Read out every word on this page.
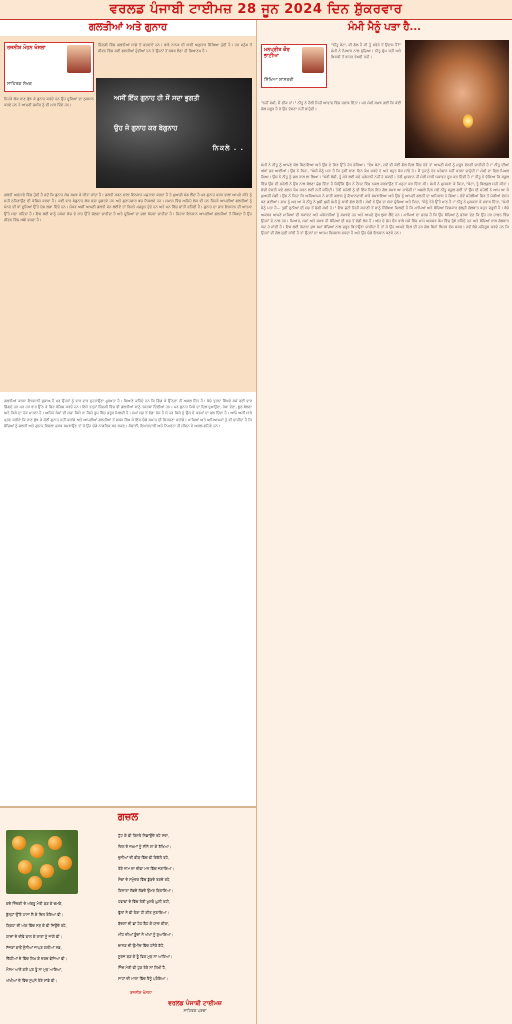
ਵਰਲਡ ਪੰਜਾਬੀ ਟਾਈਮਜ਼ 28 ਜੂਨ 2024 ਦਿਨ ਸ਼ੁੱਕਰਵਾਰ
ਗਲਤੀਆਂ ਅਤੇ ਗੁਨਾਹ
ਰਜਨੀਸ਼ ਮੋਹਨ ਖੋਸਲਾ
ਸਾਹਿਤਕ ਲੇਖਕ
ਜ਼ਿੰਦਗੀ ਵਿੱਚ ਗਲਤੀਆਂ ਸਾਡੇ ਤੋਂ ਕਰਵਾਏ ਹਨ। ਬਾਬੇ ਨਾਨਕ ਦੀ ਬਾਣੀ ਅਨੁਸਾਰ ਸਿੱਖਿਆ ਹੁੰਦੀ ਹੈ। ਹਰ ਮਨੁੱਖ ਤੋਂ ਜੀਵਨ ਵਿੱਚ ਕਈ ਗਲਤੀਆਂ ਹੁੰਦੀਆਂ ਹਨ ਤੇ ਉਹਨਾਂ ਤੋਂ ਸਬਕ ਲੈਣਾ ਹੀ ਸਿਆਣਪ ਹੈ।
ਜਿਹੜੇ ਲੋਕ ਜਾਣ ਬੁੱਝ ਕੇ ਗੁਨਾਹ ਕਰਦੇ ਹਨ ਉਹ ਦੂਜਿਆਂ ਦਾ ਨੁਕਸਾਨ ਕਰਦੇ ਹਨ ਤੇ ਆਪਣੀ ਜ਼ਮੀਰ ਨੂੰ ਵੀ ਮਾਰ ਦਿੰਦੇ ਹਨ।
ਅਸੀਂ ਇੱਕ ਗੁਨਾਹ ਹੀ ਸੋਂ ਸਦਾ ਭੁਗਤੀ
ਉਹ ਜੋ ਗੁਨਾਹ ਕਰ ਬੇਗੁਨਾਹ
ਨਿਕਲੇ . .
ਗਲਤੀ ਅਣਜਾਣੇ ਵਿੱਚ ਹੁੰਦੀ ਹੈ ਜਦੋਂ ਕਿ ਗੁਨਾਹ ਸੋਚ ਸਮਝ ਕੇ ਕੀਤਾ ਜਾਂਦਾ ਹੈ। ਗਲਤੀ ਕਰਨ ਵਾਲਾ ਇਨਸਾਨ ਪਛਤਾਵਾ ਕਰਦਾ ਹੈ ਤੇ ਮੁਆਫ਼ੀ ਮੰਗ ਲੈਂਦਾ ਹੈ ਪਰ ਗੁਨਾਹ ਕਰਨ ਵਾਲਾ ਆਪਣੇ ਕੀਤੇ ਨੂੰ ਸਹੀ ਠਹਿਰਾਉਣ ਦੀ ਕੋਸ਼ਿਸ਼ ਕਰਦਾ ਹੈ। ਕਈ ਵਾਰ ਬੇਗੁਨਾਹ ਲੋਕ ਸਜ਼ਾ ਭੁਗਤਦੇ ਹਨ ਅਤੇ ਗੁਨਾਹਗਾਰ ਬਚ ਨਿਕਲਦੇ ਹਨ। ਸਮਾਜ ਵਿੱਚ ਅਜਿਹੇ ਲੋਕ ਵੀ ਹਨ ਜਿਹੜੇ ਆਪਣੀਆਂ ਗਲਤੀਆਂ ਨੂੰ ਮੰਨਣ ਦੀ ਥਾਂ ਦੂਜਿਆਂ ਉੱਤੇ ਦੋਸ਼ ਲਗਾ ਦਿੰਦੇ ਹਨ। ਜੇਕਰ ਅਸੀਂ ਆਪਣੀ ਗਲਤੀ ਮੰਨ ਲਈਏ ਤਾਂ ਰਿਸ਼ਤੇ ਮਜ਼ਬੂਤ ਹੁੰਦੇ ਹਨ ਅਤੇ ਮਨ ਵਿੱਚ ਸ਼ਾਂਤੀ ਰਹਿੰਦੀ ਹੈ। ਗੁਨਾਹ ਦਾ ਭਾਰ ਇਨਸਾਨ ਦੀ ਆਤਮਾ ਉੱਤੇ ਸਦਾ ਰਹਿੰਦਾ ਹੈ। ਇਸ ਲਈ ਸਾਨੂੰ ਹਮੇਸ਼ਾ ਸੱਚ ਦੇ ਰਾਹ ਉੱਤੇ ਚੱਲਣਾ ਚਾਹੀਦਾ ਹੈ ਅਤੇ ਦੂਜਿਆਂ ਦਾ ਭਲਾ ਸੋਚਣਾ ਚਾਹੀਦਾ ਹੈ। ਜਿਹੜਾ ਇਨਸਾਨ ਆਪਣੀਆਂ ਗਲਤੀਆਂ ਤੋਂ ਸਿੱਖਦਾ ਹੈ ਉਹ ਜੀਵਨ ਵਿੱਚ ਅੱਗੇ ਵਧਦਾ ਹੈ।
ਗਲਤੀਆਂ ਕਰਨਾ ਇਨਸਾਨੀ ਸੁਭਾਅ ਹੈ ਪਰ ਉਹਨਾਂ ਨੂੰ ਵਾਰ ਵਾਰ ਦੁਹਰਾਉਣਾ ਮੂਰਖਤਾ ਹੈ। ਸਿਆਣੇ ਕਹਿੰਦੇ ਹਨ ਕਿ ਡਿੱਗ ਕੇ ਉੱਠਣਾ ਹੀ ਅਸਲ ਜਿੱਤ ਹੈ। ਬੱਚੇ ਤੁਰਨਾ ਸਿੱਖਦੇ ਸਮੇਂ ਕਈ ਵਾਰ ਡਿੱਗਦੇ ਹਨ ਪਰ ਹਰ ਵਾਰ ਉੱਠ ਕੇ ਫਿਰ ਕੋਸ਼ਿਸ਼ ਕਰਦੇ ਹਨ। ਇਸੇ ਤਰ੍ਹਾਂ ਜ਼ਿੰਦਗੀ ਵਿੱਚ ਵੀ ਗਲਤੀਆਂ ਸਾਨੂੰ ਤਜਰਬਾ ਦਿੰਦੀਆਂ ਹਨ। ਪਰ ਗੁਨਾਹ ਕਿਸੇ ਦਾ ਦਿਲ ਦੁਖਾਉਣਾ, ਧੋਖਾ ਦੇਣਾ, ਝੂਠ ਬੋਲਣਾ ਅਤੇ ਕਿਸੇ ਦਾ ਹੱਕ ਮਾਰਨਾ ਹੈ। ਅਜਿਹੇ ਕੰਮਾਂ ਦੀ ਸਜ਼ਾ ਕਿਸੇ ਨਾ ਕਿਸੇ ਰੂਪ ਵਿੱਚ ਜ਼ਰੂਰ ਮਿਲਦੀ ਹੈ। ਸਮਾਂ ਸਭ ਤੋਂ ਵੱਡਾ ਜੱਜ ਹੈ ਜੋ ਹਰ ਕਿਸੇ ਨੂੰ ਉਸ ਦੇ ਕਰਮਾਂ ਦਾ ਫਲ ਦਿੰਦਾ ਹੈ। ਆਓ ਅਸੀਂ ਸਾਰੇ ਪ੍ਰਣ ਕਰੀਏ ਕਿ ਜਾਣ ਬੁੱਝ ਕੇ ਕੋਈ ਗੁਨਾਹ ਨਹੀਂ ਕਰਾਂਗੇ ਅਤੇ ਆਪਣੀਆਂ ਗਲਤੀਆਂ ਤੋਂ ਸਬਕ ਸਿੱਖ ਕੇ ਇੱਕ ਚੰਗੇ ਸਮਾਜ ਦੀ ਸਿਰਜਣਾ ਕਰਾਂਗੇ। ਮਾਪਿਆਂ ਅਤੇ ਅਧਿਆਪਕਾਂ ਨੂੰ ਵੀ ਚਾਹੀਦਾ ਹੈ ਕਿ ਬੱਚਿਆਂ ਨੂੰ ਗਲਤੀ ਅਤੇ ਗੁਨਾਹ ਵਿਚਲਾ ਫ਼ਰਕ ਸਮਝਾਉਣ ਤਾਂ ਜੋ ਉਹ ਚੰਗੇ ਨਾਗਰਿਕ ਬਣ ਸਕਣ। ਸੱਚਾਈ, ਇਮਾਨਦਾਰੀ ਅਤੇ ਨਿਮਰਤਾ ਹੀ ਜੀਵਨ ਦੇ ਅਸਲ ਗਹਿਣੇ ਹਨ।
ਗਜ਼ਲ
ਕਦੇ ਜ਼ਿੰਦਗੀ ਦੇ ਅੱਥਰੂ ਮੋਤੀ ਬਣ ਕੇ ਚਮਕੇ,
ਬੁੱਲ੍ਹਾਂ ਉੱਤੇ ਹਾਸਾ ਲੈ ਕੇ ਦਿਲ ਰੋਇਆ ਵੀ।
ਬਿਰਹਾ ਦੀ ਅੱਗ ਵਿੱਚ ਸੜ ਕੇ ਵੀ ਜਿਉਂਦੇ ਰਹੇ,
ਯਾਦਾਂ ਦੇ ਦੀਵੇ ਬਾਲ ਕੇ ਰਾਤਾਂ ਨੂੰ ਜਾਗੇ ਵੀ।
ਸੱਜਣਾਂ ਬਾਝੋਂ ਸੁੰਨੀਆਂ ਜਾਪਣ ਗਲੀਆਂ ਸਭ,
ਚਿੱਠੀਆਂ ਦੇ ਵਿੱਚ ਲਿਖ ਕੇ ਦਰਦ ਭੇਜਿਆ ਵੀ।
ਮੌਸਮ ਆਏ ਗਏ ਪਰ ਤੂੰ ਨਾ ਮੁੜ ਆਇਆ,
ਅੱਖੀਆਂ ਦੇ ਵਿੱਚ ਸੁਪਨੇ ਤੇਰੇ ਸਾਂਭੇ ਵੀ।
ਟੁੱਟ ਕੇ ਵੀ ਰਿਸ਼ਤੇ ਨਿਭਾਉਂਦੇ ਰਹੇ ਸਦਾ,
ਦਿਲ ਦੇ ਜ਼ਖ਼ਮਾਂ ਨੂੰ ਸੀਨੇ ਲਾ ਕੇ ਰੱਖਿਆ।
ਦੁਨੀਆਂ ਦੀ ਭੀੜ ਵਿੱਚ ਵੀ ਇਕੱਲੇ ਰਹੇ,
ਤੇਰੇ ਨਾਮ ਦਾ ਦੀਵਾ ਮਨ ਵਿੱਚ ਜਗਾਇਆ।
ਸੋਚਾਂ ਦੇ ਸਮੁੰਦਰ ਵਿੱਚ ਡੁੱਬਦੇ ਤਰਦੇ ਰਹੇ,
ਕਿਨਾਰਾ ਲੱਭਦੇ ਲੱਭਦੇ ਉਮਰ ਬਿਤਾਇਆ।
ਹਵਾਵਾਂ ਦੇ ਵਿੱਚ ਤੇਰੀ ਖ਼ੁਸ਼ਬੋ ਘੁਲੀ ਰਹੀ,
ਫੁੱਲਾਂ ਨੇ ਵੀ ਤੇਰਾ ਹੀ ਗੀਤ ਸੁਣਾਇਆ।
ਬੱਦਲਾਂ ਦੀ ਛਾਂ ਹੇਠ ਬੈਠ ਕੇ ਯਾਦ ਕੀਤਾ,
ਮੀਂਹ ਦੀਆਂ ਬੂੰਦਾਂ ਨੇ ਅੱਖਾਂ ਨੂੰ ਰੁਆਇਆ।
ਚਾਨਣ ਦੀ ਉਮੀਦ ਵਿੱਚ ਹਨੇਰੇ ਕੱਟੇ,
ਸੂਰਜ ਬਣ ਕੇ ਤੂੰ ਫਿਰ ਮੁੜ ਨਾ ਆਇਆ।
ਜਿੰਦ ਮੇਰੀ ਵੀ ਹੁਣ ਤੇਰੇ ਨਾਂ ਲਿਖੀ ਹੈ,
ਸਾਹਾਂ ਦੀ ਮਾਲਾ ਵਿੱਚ ਤੈਨੂੰ ਪਰੋਇਆ।
ਰਜਨੀਸ਼ ਖੋਸਲਾ
ਵਰਲਡ ਪੰਜਾਬੀ ਟਾਈਮਜ਼
ਸਾਹਿਤਕ ਪਰਚਾ
ਮੰਮੀ ਮੈਨੂੰ ਪਤਾ ਹੈ...
ਮਨਪ੍ਰੀਤ ਕੌਰ ਭਾਟੀਆ
ਸਿੱਖਿਆ ਸ਼ਾਸਤਰੀ
"ਨੀਤੂ ਬੇਟਾ, ਕੀ ਗੱਲ ਹੈ ਕੀ ਤੂੰ ਸਵੇਰੇ ਤੋਂ ਉਦਾਸ ਹੈਂ?" ਮੰਮੀ ਨੇ ਪਿਆਰ ਨਾਲ ਪੁੱਛਿਆ। ਨੀਤੂ ਚੁੱਪ ਰਹੀ ਅਤੇ ਖਿੜਕੀ ਤੋਂ ਬਾਹਰ ਵੇਖਦੀ ਰਹੀ।
"ਨਹੀਂ ਮੰਮੀ, ਮੈਂ ਠੀਕ ਹਾਂ।" ਨੀਤੂ ਨੇ ਹੌਲੀ ਜਿਹੀ ਆਵਾਜ਼ ਵਿੱਚ ਜਵਾਬ ਦਿੱਤਾ। ਪਰ ਮੰਮੀ ਸਮਝ ਗਈ ਕਿ ਕੋਈ ਗੱਲ ਜ਼ਰੂਰ ਹੈ ਜੋ ਉਹ ਦੱਸਣਾ ਨਹੀਂ ਚਾਹੁੰਦੀ।
ਮੰਮੀ ਨੇ ਨੀਤੂ ਨੂੰ ਆਪਣੇ ਕੋਲ ਬਿਠਾਇਆ ਅਤੇ ਉਸ ਦੇ ਸਿਰ ਉੱਤੇ ਹੱਥ ਫੇਰਿਆ। "ਦੇਖ ਬੇਟਾ, ਜਦੋਂ ਵੀ ਕੋਈ ਗੱਲ ਦਿਲ ਵਿੱਚ ਹੋਵੇ ਤਾਂ ਆਪਣੀ ਮੰਮੀ ਨੂੰ ਜ਼ਰੂਰ ਦੱਸਣੀ ਚਾਹੀਦੀ ਹੈ।" ਨੀਤੂ ਦੀਆਂ ਅੱਖਾਂ ਭਰ ਆਈਆਂ। ਉਸ ਨੇ ਕਿਹਾ, "ਮੰਮੀ ਮੈਨੂੰ ਪਤਾ ਹੈ ਕਿ ਤੁਸੀਂ ਸਾਰਾ ਦਿਨ ਕੰਮ ਕਰਦੇ ਹੋ ਅਤੇ ਬਹੁਤ ਥੱਕ ਜਾਂਦੇ ਹੋ। ਮੈਂ ਤੁਹਾਨੂੰ ਹੋਰ ਪਰੇਸ਼ਾਨ ਨਹੀਂ ਕਰਨਾ ਚਾਹੁੰਦੀ।" ਮੰਮੀ ਦਾ ਦਿਲ ਪਿਘਲ ਗਿਆ। ਉਸ ਨੇ ਨੀਤੂ ਨੂੰ ਗਲ ਨਾਲ ਲਾ ਲਿਆ। "ਮੇਰੀ ਬੱਚੀ, ਤੂੰ ਮੇਰੇ ਲਈ ਕਦੇ ਪਰੇਸ਼ਾਨੀ ਨਹੀਂ ਹੋ ਸਕਦੀ। ਤੇਰੀ ਮੁਸਕਾਨ ਹੀ ਮੇਰੀ ਸਾਰੀ ਥਕਾਵਟ ਦੂਰ ਕਰ ਦਿੰਦੀ ਹੈ।" ਨੀਤੂ ਨੇ ਦੱਸਿਆ ਕਿ ਸਕੂਲ ਵਿੱਚ ਉਸ ਦੀ ਸਹੇਲੀ ਨੇ ਉਸ ਨਾਲ ਬੋਲਣਾ ਛੱਡ ਦਿੱਤਾ ਹੈ ਕਿਉਂਕਿ ਉਸ ਨੇ ਟੈਸਟ ਵਿੱਚ ਨਕਲ ਕਰਵਾਉਣ ਤੋਂ ਮਨ੍ਹਾ ਕਰ ਦਿੱਤਾ ਸੀ। ਮੰਮੀ ਨੇ ਮੁਸਕਰਾ ਕੇ ਕਿਹਾ, "ਬੇਟਾ, ਤੂੰ ਬਿਲਕੁਲ ਸਹੀ ਕੀਤਾ। ਸੱਚੀ ਦੋਸਤੀ ਕਦੇ ਗਲਤ ਕੰਮ ਕਰਨ ਲਈ ਨਹੀਂ ਕਹਿੰਦੀ। ਤੇਰੀ ਸਹੇਲੀ ਨੂੰ ਵੀ ਇੱਕ ਦਿਨ ਇਹ ਗੱਲ ਸਮਝ ਆ ਜਾਵੇਗੀ।" ਅਗਲੇ ਦਿਨ ਜਦੋਂ ਨੀਤੂ ਸਕੂਲ ਗਈ ਤਾਂ ਉਸ ਦੀ ਸਹੇਲੀ ਨੇ ਆਪ ਆ ਕੇ ਮੁਆਫ਼ੀ ਮੰਗੀ। ਉਸ ਨੇ ਕਿਹਾ ਕਿ ਅਧਿਆਪਕ ਨੇ ਸਾਰੀ ਕਲਾਸ ਨੂੰ ਇਮਾਨਦਾਰੀ ਬਾਰੇ ਸਮਝਾਇਆ ਅਤੇ ਉਸ ਨੂੰ ਆਪਣੀ ਗਲਤੀ ਦਾ ਅਹਿਸਾਸ ਹੋ ਗਿਆ। ਦੋਵੇਂ ਸਹੇਲੀਆਂ ਫਿਰ ਤੋਂ ਪੱਕੀਆਂ ਦੋਸਤ ਬਣ ਗਈਆਂ। ਸ਼ਾਮ ਨੂੰ ਘਰ ਆ ਕੇ ਨੀਤੂ ਨੇ ਖ਼ੁਸ਼ੀ ਖ਼ੁਸ਼ੀ ਮੰਮੀ ਨੂੰ ਸਾਰੀ ਗੱਲ ਦੱਸੀ। ਮੰਮੀ ਨੇ ਉਸ ਦਾ ਮੱਥਾ ਚੁੰਮਿਆ ਅਤੇ ਕਿਹਾ, "ਮੈਨੂੰ ਤੇਰੇ ਉੱਤੇ ਮਾਣ ਹੈ।" ਨੀਤੂ ਨੇ ਮੁਸਕਰਾ ਕੇ ਜਵਾਬ ਦਿੱਤਾ, "ਮੰਮੀ ਮੈਨੂੰ ਪਤਾ ਹੈ... ਤੁਸੀਂ ਦੁਨੀਆਂ ਦੀ ਸਭ ਤੋਂ ਚੰਗੀ ਮੰਮੀ ਹੋ।" ਇਸ ਛੋਟੀ ਜਿਹੀ ਕਹਾਣੀ ਤੋਂ ਸਾਨੂੰ ਸਿੱਖਿਆ ਮਿਲਦੀ ਹੈ ਕਿ ਮਾਪਿਆਂ ਅਤੇ ਬੱਚਿਆਂ ਵਿਚਕਾਰ ਖੁੱਲ੍ਹੀ ਗੱਲਬਾਤ ਬਹੁਤ ਜ਼ਰੂਰੀ ਹੈ। ਬੱਚੇ ਅਕਸਰ ਆਪਣੇ ਮਾਪਿਆਂ ਦੀ ਥਕਾਵਟ ਅਤੇ ਪਰੇਸ਼ਾਨੀਆਂ ਨੂੰ ਸਮਝਦੇ ਹਨ ਅਤੇ ਆਪਣੇ ਦੁੱਖ ਲੁਕਾ ਲੈਂਦੇ ਹਨ। ਮਾਪਿਆਂ ਦਾ ਫ਼ਰਜ਼ ਹੈ ਕਿ ਉਹ ਬੱਚਿਆਂ ਨੂੰ ਭਰੋਸਾ ਦੇਣ ਕਿ ਉਹ ਹਰ ਹਾਲਤ ਵਿੱਚ ਉਹਨਾਂ ਦੇ ਨਾਲ ਹਨ। ਪਿਆਰ, ਸਮਾਂ ਅਤੇ ਸਮਝ ਹੀ ਬੱਚਿਆਂ ਦੀ ਸਭ ਤੋਂ ਵੱਡੀ ਲੋੜ ਹੈ। ਅੱਜ ਦੇ ਭੱਜ ਦੌੜ ਵਾਲੇ ਸਮੇਂ ਵਿੱਚ ਮਾਪੇ ਅਕਸਰ ਕੰਮ ਵਿੱਚ ਰੁੱਝੇ ਰਹਿੰਦੇ ਹਨ ਅਤੇ ਬੱਚਿਆਂ ਨਾਲ ਗੱਲਬਾਤ ਘੱਟ ਹੋ ਜਾਂਦੀ ਹੈ। ਇਸ ਲਈ ਰੋਜ਼ਾਨਾ ਕੁਝ ਸਮਾਂ ਬੱਚਿਆਂ ਨਾਲ ਜ਼ਰੂਰ ਬਿਤਾਉਣਾ ਚਾਹੀਦਾ ਹੈ ਤਾਂ ਜੋ ਉਹ ਆਪਣੇ ਦਿਲ ਦੀ ਹਰ ਗੱਲ ਬਿਨਾਂ ਝਿਜਕ ਦੱਸ ਸਕਣ। ਜਦੋਂ ਬੱਚੇ ਮਹਿਸੂਸ ਕਰਦੇ ਹਨ ਕਿ ਉਹਨਾਂ ਦੀ ਗੱਲ ਸੁਣੀ ਜਾਂਦੀ ਹੈ ਤਾਂ ਉਹਨਾਂ ਦਾ ਆਤਮ ਵਿਸ਼ਵਾਸ ਵਧਦਾ ਹੈ ਅਤੇ ਉਹ ਚੰਗੇ ਇਨਸਾਨ ਬਣਦੇ ਹਨ।
